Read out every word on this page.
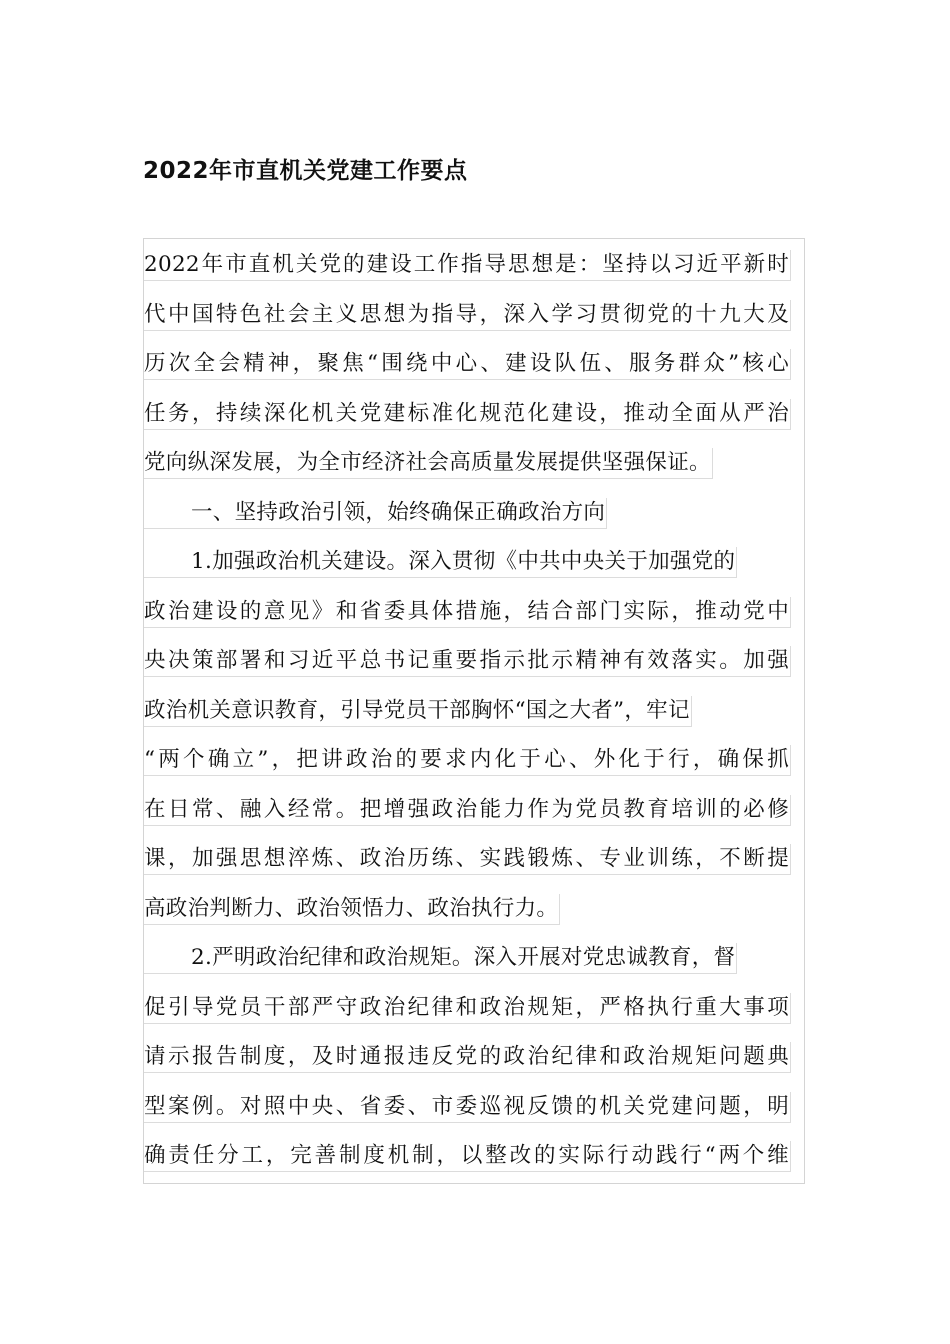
2022年市直机关党建工作要点
2022年市直机关党的建设工作指导思想是：坚持以习近平新时
代中国特色社会主义思想为指导，深入学习贯彻党的十九大及
历次全会精神，聚焦“围绕中心、建设队伍、服务群众”核心
任务，持续深化机关党建标准化规范化建设，推动全面从严治
党向纵深发展，为全市经济社会高质量发展提供坚强保证。
一、坚持政治引领，始终确保正确政治方向
1.加强政治机关建设。深入贯彻《中共中央关于加强党的
政治建设的意见》和省委具体措施，结合部门实际，推动党中
央决策部署和习近平总书记重要指示批示精神有效落实。加强
政治机关意识教育，引导党员干部胸怀“国之大者”，牢记
“两个确立”，把讲政治的要求内化于心、外化于行，确保抓
在日常、融入经常。把增强政治能力作为党员教育培训的必修
课，加强思想淬炼、政治历练、实践锻炼、专业训练，不断提
高政治判断力、政治领悟力、政治执行力。
2.严明政治纪律和政治规矩。深入开展对党忠诚教育，督
促引导党员干部严守政治纪律和政治规矩，严格执行重大事项
请示报告制度，及时通报违反党的政治纪律和政治规矩问题典
型案例。对照中央、省委、市委巡视反馈的机关党建问题，明
确责任分工，完善制度机制，以整改的实际行动践行“两个维
